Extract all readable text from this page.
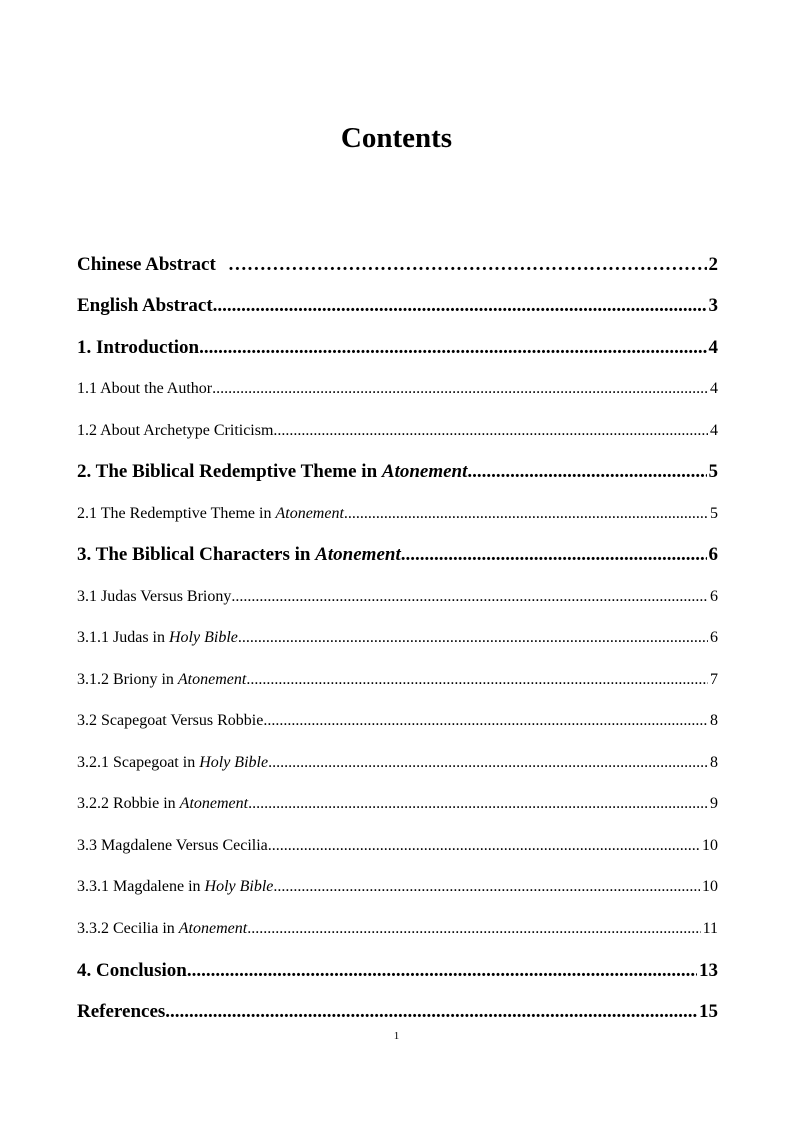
Contents
Chinese Abstract ………………………………………………………………………………………………………………	2
English Abstract .....	3
1. Introduction .....	4
1.1 About the Author .....	4
1.2 About Archetype Criticism .....	4
2. The Biblical Redemptive Theme in Atonement .....	5
2.1 The Redemptive Theme in Atonement .....	5
3. The Biblical Characters in Atonement .....	6
3.1 Judas Versus Briony .....	6
3.1.1 Judas in Holy Bible .....	6
3.1.2 Briony in Atonement .....	7
3.2 Scapegoat Versus Robbie .....	8
3.2.1 Scapegoat in Holy Bible .....	8
3.2.2 Robbie in Atonement .....	9
3.3 Magdalene Versus Cecilia .....	10
3.3.1 Magdalene in Holy Bible .....	10
3.3.2 Cecilia in Atonement .....	11
4. Conclusion .....	13
References .....	15
1
